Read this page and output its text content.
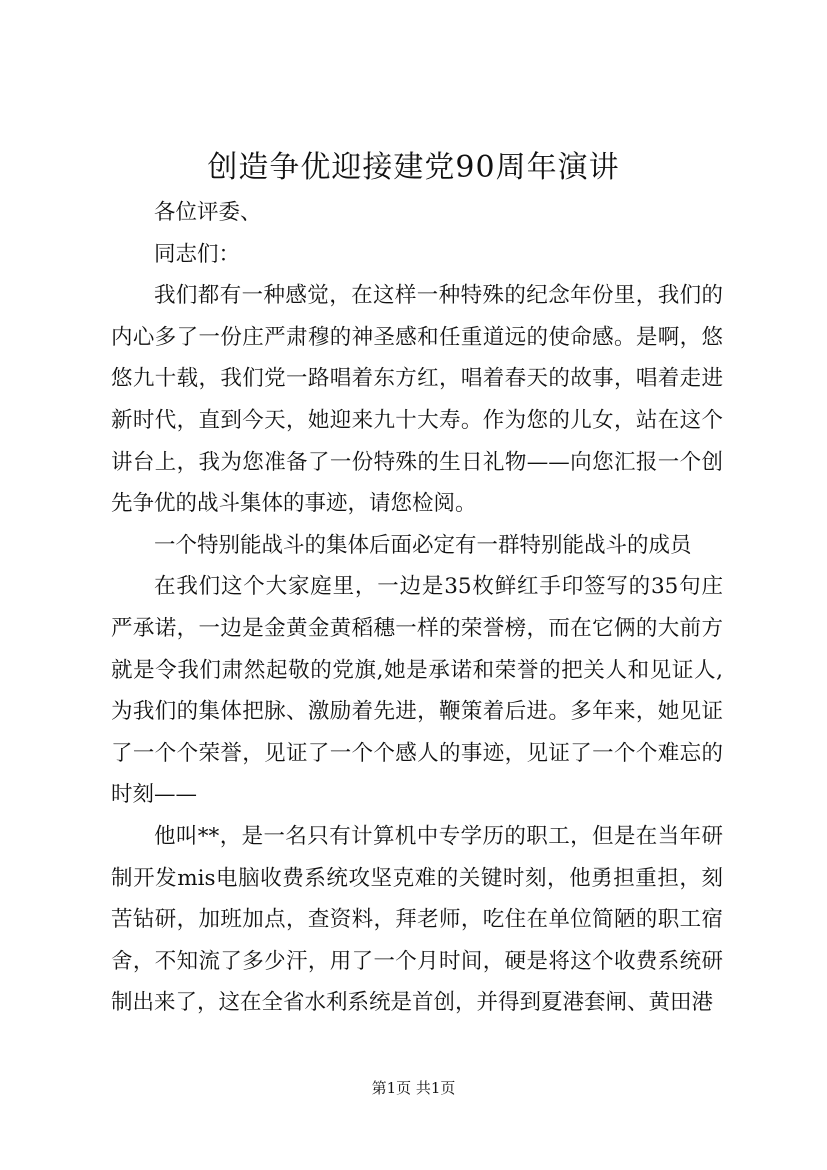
创造争优迎接建党90周年演讲

各位评委、

同志们：

我们都有一种感觉，在这样一种特殊的纪念年份里，我们的内心多了一份庄严肃穆的神圣感和任重道远的使命感。是啊，悠悠九十载，我们党一路唱着东方红，唱着春天的故事，唱着走进新时代，直到今天，她迎来九十大寿。作为您的儿女，站在这个讲台上，我为您准备了一份特殊的生日礼物——向您汇报一个创先争优的战斗集体的事迹，请您检阅。

一个特别能战斗的集体后面必定有一群特别能战斗的成员

在我们这个大家庭里，一边是35枚鲜红手印签写的35句庄严承诺，一边是金黄金黄稻穗一样的荣誉榜，而在它俩的大前方就是令我们肃然起敬的党旗,她是承诺和荣誉的把关人和见证人,为我们的集体把脉、激励着先进，鞭策着后进。多年来，她见证了一个个荣誉，见证了一个个感人的事迹，见证了一个个难忘的时刻——

他叫**，是一名只有计算机中专学历的职工，但是在当年研制开发mis电脑收费系统攻坚克难的关键时刻，他勇担重担，刻苦钻研，加班加点，查资料，拜老师，吃住在单位简陋的职工宿舍，不知流了多少汗，用了一个月时间，硬是将这个收费系统研制出来了，这在全省水利系统是首创，并得到夏港套闸、黄田港

第1页 共1页
